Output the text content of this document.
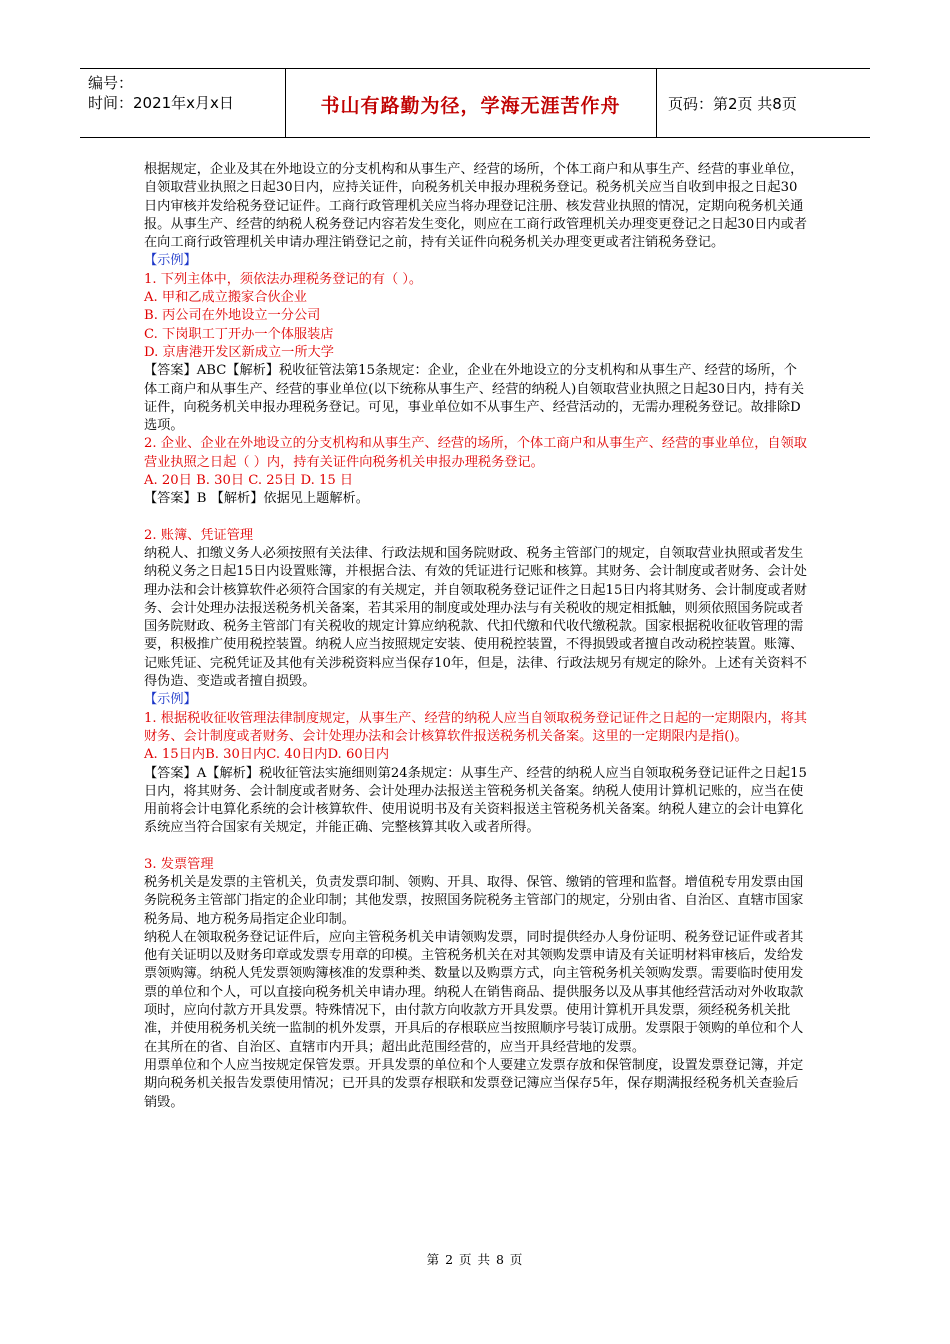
编号：
时间：2021年x月x日	书山有路勤为径，学海无涯苦作舟	页码：第2页 共8页

根据规定，企业及其在外地设立的分支机构和从事生产、经营的场所，个体工商户和从事生产、经营的事业单位，自领取营业执照之日起30日内，应持关证件，向税务机关申报办理税务登记。税务机关应当自收到申报之日起30日内审核并发给税务登记证件。工商行政管理机关应当将办理登记注册、核发营业执照的情况，定期向税务机关通报。从事生产、经营的纳税人税务登记内容若发生变化，则应在工商行政管理机关办理变更登记之日起30日内或者在向工商行政管理机关申请办理注销登记之前，持有关证件向税务机关办理变更或者注销税务登记。

【示例】

1. 下列主体中，须依法办理税务登记的有（ ）。

A. 甲和乙成立搬家合伙企业

B. 丙公司在外地设立一分公司

C. 下岗职工丁开办一个体服装店

D. 京唐港开发区新成立一所大学

【答案】ABC【解析】税收征管法第15条规定：企业，企业在外地设立的分支机构和从事生产、经营的场所，个体工商户和从事生产、经营的事业单位(以下统称从事生产、经营的纳税人)自领取营业执照之日起30日内，持有关证件，向税务机关申报办理税务登记。可见，事业单位如不从事生产、经营活动的，无需办理税务登记。故排除D选项。

2. 企业、企业在外地设立的分支机构和从事生产、经营的场所，个体工商户和从事生产、经营的事业单位，自领取营业执照之日起（ ）内，持有关证件向税务机关申报办理税务登记。

A. 20日 B. 30日 C. 25日 D. 15 日

【答案】B 【解析】依据见上题解析。

2. 账簿、凭证管理

纳税人、扣缴义务人必须按照有关法律、行政法规和国务院财政、税务主管部门的规定，自领取营业执照或者发生纳税义务之日起15日内设置账簿，并根据合法、有效的凭证进行记账和核算。其财务、会计制度或者财务、会计处理办法和会计核算软件必须符合国家的有关规定，并自领取税务登记证件之日起15日内将其财务、会计制度或者财务、会计处理办法报送税务机关备案，若其采用的制度或处理办法与有关税收的规定相抵触，则须依照国务院或者国务院财政、税务主管部门有关税收的规定计算应纳税款、代扣代缴和代收代缴税款。国家根据税收征收管理的需要，积极推广使用税控装置。纳税人应当按照规定安装、使用税控装置，不得损毁或者擅自改动税控装置。账簿、记账凭证、完税凭证及其他有关涉税资料应当保存10年，但是，法律、行政法规另有规定的除外。上述有关资料不得伪造、变造或者擅自损毁。

【示例】

1. 根据税收征收管理法律制度规定，从事生产、经营的纳税人应当自领取税务登记证件之日起的一定期限内，将其财务、会计制度或者财务、会计处理办法和会计核算软件报送税务机关备案。这里的一定期限内是指()。

A. 15日内B. 30日内C. 40日内D. 60日内

【答案】A【解析】税收征管法实施细则第24条规定：从事生产、经营的纳税人应当自领取税务登记证件之日起15日内，将其财务、会计制度或者财务、会计处理办法报送主管税务机关备案。纳税人使用计算机记账的，应当在使用前将会计电算化系统的会计核算软件、使用说明书及有关资料报送主管税务机关备案。纳税人建立的会计电算化系统应当符合国家有关规定，并能正确、完整核算其收入或者所得。

3. 发票管理

税务机关是发票的主管机关，负责发票印制、领购、开具、取得、保管、缴销的管理和监督。增值税专用发票由国务院税务主管部门指定的企业印制；其他发票，按照国务院税务主管部门的规定，分别由省、自治区、直辖市国家税务局、地方税务局指定企业印制。

纳税人在领取税务登记证件后，应向主管税务机关申请领购发票，同时提供经办人身份证明、税务登记证件或者其他有关证明以及财务印章或发票专用章的印模。主管税务机关在对其领购发票申请及有关证明材料审核后，发给发票领购簿。纳税人凭发票领购簿核准的发票种类、数量以及购票方式，向主管税务机关领购发票。需要临时使用发票的单位和个人，可以直接向税务机关申请办理。纳税人在销售商品、提供服务以及从事其他经营活动对外收取款项时，应向付款方开具发票。特殊情况下，由付款方向收款方开具发票。使用计算机开具发票，须经税务机关批准，并使用税务机关统一监制的机外发票，开具后的存根联应当按照顺序号装订成册。发票限于领购的单位和个人在其所在的省、自治区、直辖市内开具；超出此范围经营的，应当开具经营地的发票。

用票单位和个人应当按规定保管发票。开具发票的单位和个人要建立发票存放和保管制度，设置发票登记簿，并定期向税务机关报告发票使用情况；已开具的发票存根联和发票登记簿应当保存5年，保存期满报经税务机关查验后销毁。

第 2 页 共 8 页
